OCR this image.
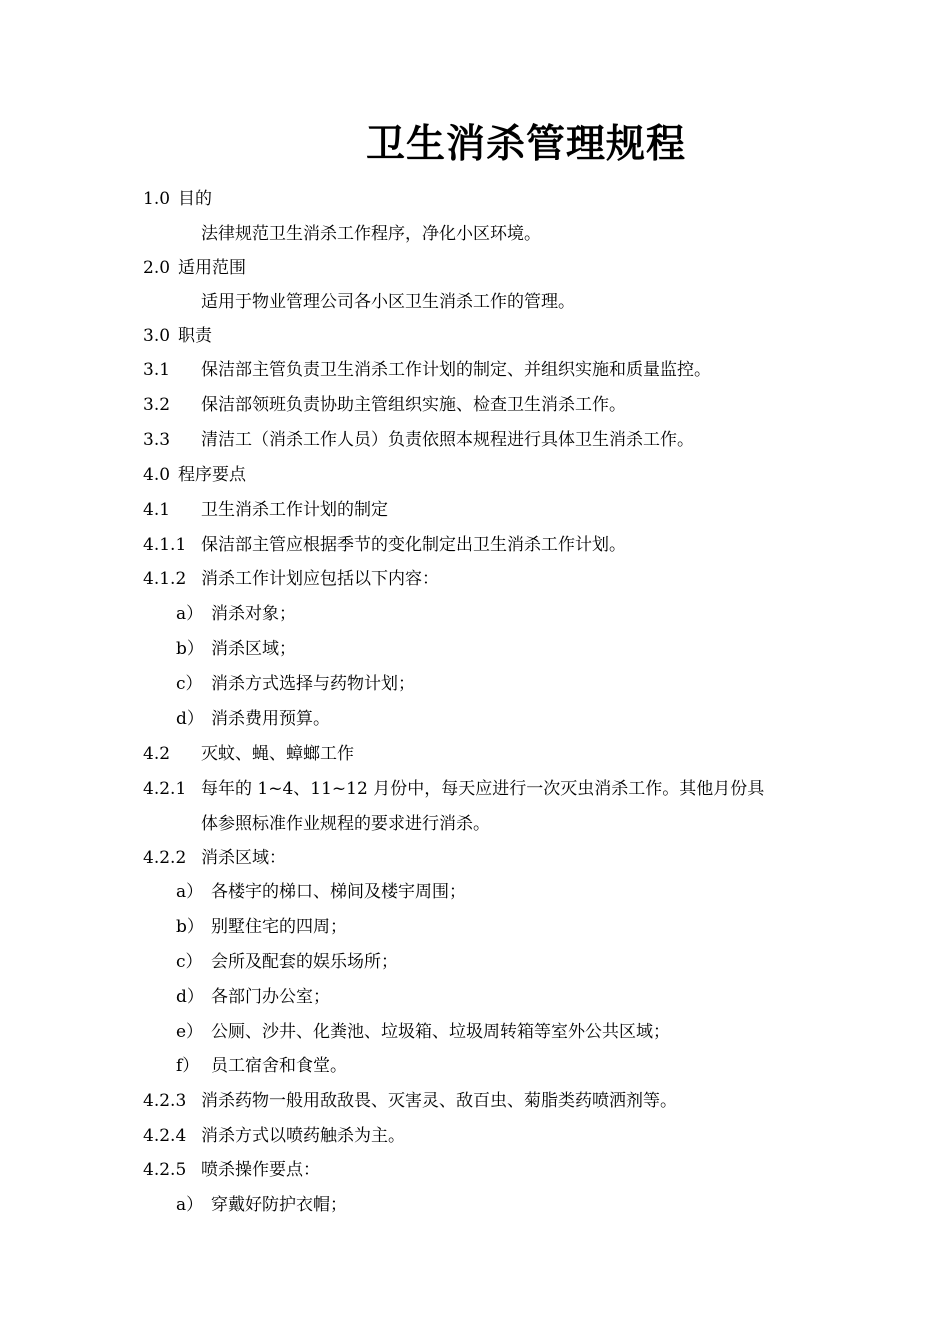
卫生消杀管理规程
1.0 目的
法律规范卫生消杀工作程序，净化小区环境。
2.0 适用范围
适用于物业管理公司各小区卫生消杀工作的管理。
3.0 职责
3.1 保洁部主管负责卫生消杀工作计划的制定、并组织实施和质量监控。
3.2 保洁部领班负责协助主管组织实施、检查卫生消杀工作。
3.3 清洁工（消杀工作人员）负责依照本规程进行具体卫生消杀工作。
4.0 程序要点
4.1 卫生消杀工作计划的制定
4.1.1 保洁部主管应根据季节的变化制定出卫生消杀工作计划。
4.1.2 消杀工作计划应包括以下内容：
a） 消杀对象；
b） 消杀区域；
c） 消杀方式选择与药物计划；
d） 消杀费用预算。
4.2 灭蚊、蝇、蟑螂工作
4.2.1 每年的 1~4、11~12 月份中，每天应进行一次灭虫消杀工作。其他月份具
体参照标准作业规程的要求进行消杀。
4.2.2 消杀区域：
a） 各楼宇的梯口、梯间及楼宇周围；
b） 别墅住宅的四周；
c） 会所及配套的娱乐场所；
d） 各部门办公室；
e） 公厕、沙井、化粪池、垃圾箱、垃圾周转箱等室外公共区域；
f） 员工宿舍和食堂。
4.2.3 消杀药物一般用敌敌畏、灭害灵、敌百虫、菊脂类药喷洒剂等。
4.2.4 消杀方式以喷药触杀为主。
4.2.5 喷杀操作要点：
a） 穿戴好防护衣帽；
